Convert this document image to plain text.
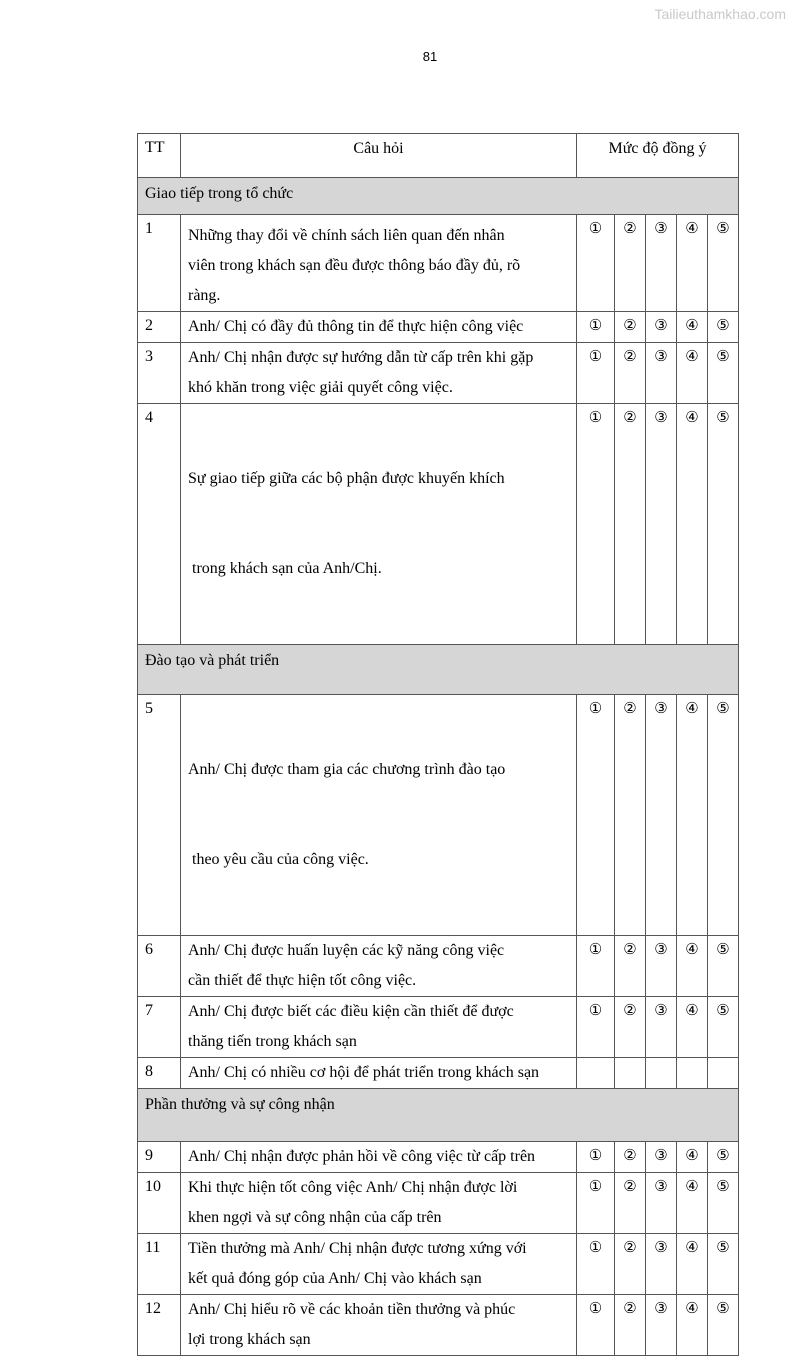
Tailieuthamkhao.com
81
TT	Câu hỏi	Mức độ đồng ý				
Giao tiếp trong tổ chức						
1	Những thay đổi về chính sách liên quan đến nhân
viên trong khách sạn đều được thông báo đầy đủ, rõ
ràng.	①	②	③	④	⑤
2	Anh/ Chị có đầy đủ thông tin để thực hiện công việc	①	②	③	④	⑤
3	Anh/ Chị nhận được sự hướng dẫn từ cấp trên khi gặp
khó khăn trong việc giải quyết công việc.	①	②	③	④	⑤
4	Sự giao tiếp giữa các bộ phận được khuyến khích

trong khách sạn của Anh/Chị.	①	②	③	④	⑤
Đào tạo và phát triển						
5	Anh/ Chị được tham gia các chương trình đào tạo

theo yêu cầu của công việc.	①	②	③	④	⑤
6	Anh/ Chị được huấn luyện các kỹ năng công việc
cần thiết để thực hiện tốt công việc.	①	②	③	④	⑤
7	Anh/ Chị được biết các điều kiện cần thiết để được
thăng tiến trong khách sạn	①	②	③	④	⑤
8	Anh/ Chị có nhiều cơ hội để phát triển trong khách sạn					

Phần thưởng và sự công nhận						
9	Anh/ Chị nhận được phản hồi về công việc từ cấp trên	①	②	③	④	⑤
10	Khi thực hiện tốt công việc Anh/ Chị nhận được lời
khen ngợi và sự công nhận của cấp trên	①	②	③	④	⑤
11	Tiền thưởng mà Anh/ Chị nhận được tương xứng với
kết quả đóng góp của Anh/ Chị vào khách sạn	①	②	③	④	⑤
12	Anh/ Chị hiểu rõ về các khoản tiền thưởng và phúc
lợi trong khách sạn	①	②	③	④	⑤
